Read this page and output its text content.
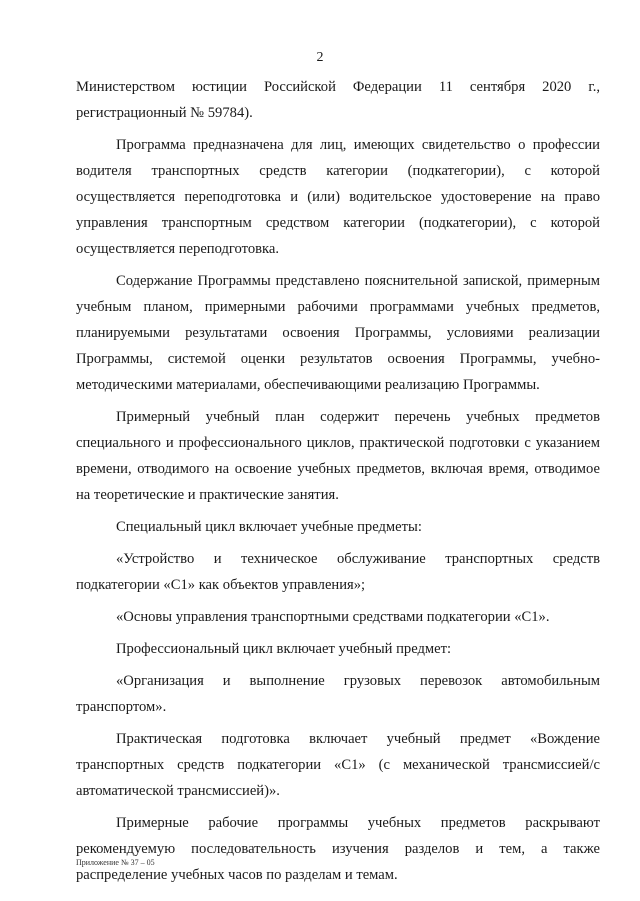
2

Министерством юстиции Российской Федерации 11 сентября 2020 г., регистрационный № 59784).

Программа предназначена для лиц, имеющих свидетельство о профессии водителя транспортных средств категории (подкатегории), с которой осуществляется переподготовка и (или) водительское удостоверение на право управления транспортным средством категории (подкатегории), с которой осуществляется переподготовка.

Содержание Программы представлено пояснительной запиской, примерным учебным планом, примерными рабочими программами учебных предметов, планируемыми результатами освоения Программы, условиями реализации Программы, системой оценки результатов освоения Программы, учебно-методическими материалами, обеспечивающими реализацию Программы.

Примерный учебный план содержит перечень учебных предметов специального и профессионального циклов, практической подготовки с указанием времени, отводимого на освоение учебных предметов, включая время, отводимое на теоретические и практические занятия.

Специальный цикл включает учебные предметы:

«Устройство и техническое обслуживание транспортных средств подкатегории «C1» как объектов управления»;

«Основы управления транспортными средствами подкатегории «C1».

Профессиональный цикл включает учебный предмет:

«Организация и выполнение грузовых перевозок автомобильным транспортом».

Практическая подготовка включает учебный предмет «Вождение транспортных средств подкатегории «C1» (с механической трансмиссией/с автоматической трансмиссией)».

Примерные рабочие программы учебных предметов раскрывают рекомендуемую последовательность изучения разделов и тем, а также распределение учебных часов по разделам и темам.

Приложение № 37 – 05
